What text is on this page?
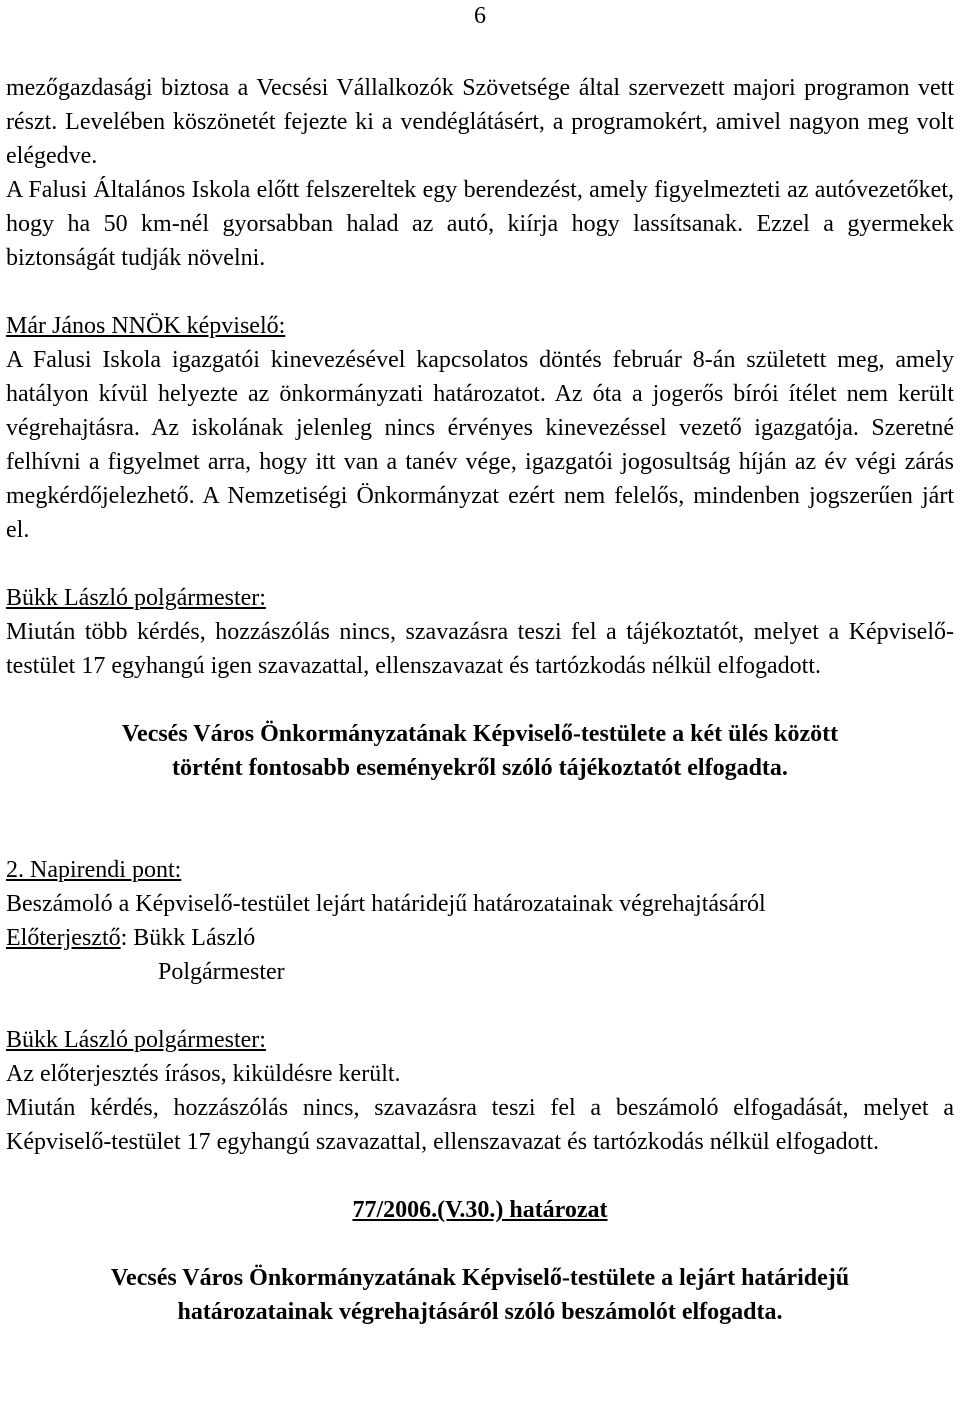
6

mezőgazdasági biztosa a Vecsési Vállalkozók Szövetsége által szervezett majori programon vett részt. Levelében köszönetét fejezte ki a vendéglátásért, a programokért, amivel nagyon meg volt elégedve.

A Falusi Általános Iskola előtt felszereltek egy berendezést, amely figyelmezteti az autóvezetőket, hogy ha 50 km-nél gyorsabban halad az autó, kiírja hogy lassítsanak. Ezzel a gyermekek biztonságát tudják növelni.

Már János NNÖK képviselő:

A Falusi Iskola igazgatói kinevezésével kapcsolatos döntés február 8-án született meg, amely hatályon kívül helyezte az önkormányzati határozatot. Az óta a jogerős bírói ítélet nem került végrehajtásra. Az iskolának jelenleg nincs érvényes kinevezéssel vezető igazgatója. Szeretné felhívni a figyelmet arra, hogy itt van a tanév vége, igazgatói jogosultság híján az év végi zárás megkérdőjelezhető. A Nemzetiségi Önkormányzat ezért nem felelős, mindenben jogszerűen járt el.

Bükk László polgármester:

Miután több kérdés, hozzászólás nincs, szavazásra teszi fel a tájékoztatót, melyet a Képviselő-testület 17 egyhangú igen szavazattal, ellenszavazat és tartózkodás nélkül elfogadott.

Vecsés Város Önkormányzatának Képviselő-testülete a két ülés között

történt fontosabb eseményekről szóló tájékoztatót elfogadta.

2. Napirendi pont:

Beszámoló a Képviselő-testület lejárt határidejű határozatainak végrehajtásáról

Előterjesztő: Bükk László

Polgármester

Bükk László polgármester:

Az előterjesztés írásos, kiküldésre került.

Miután kérdés, hozzászólás nincs, szavazásra teszi fel a beszámoló elfogadását, melyet a Képviselő-testület 17 egyhangú szavazattal, ellenszavazat és tartózkodás nélkül elfogadott.

77/2006.(V.30.) határozat

Vecsés Város Önkormányzatának Képviselő-testülete a lejárt határidejű

határozatainak végrehajtásáról szóló beszámolót elfogadta.
